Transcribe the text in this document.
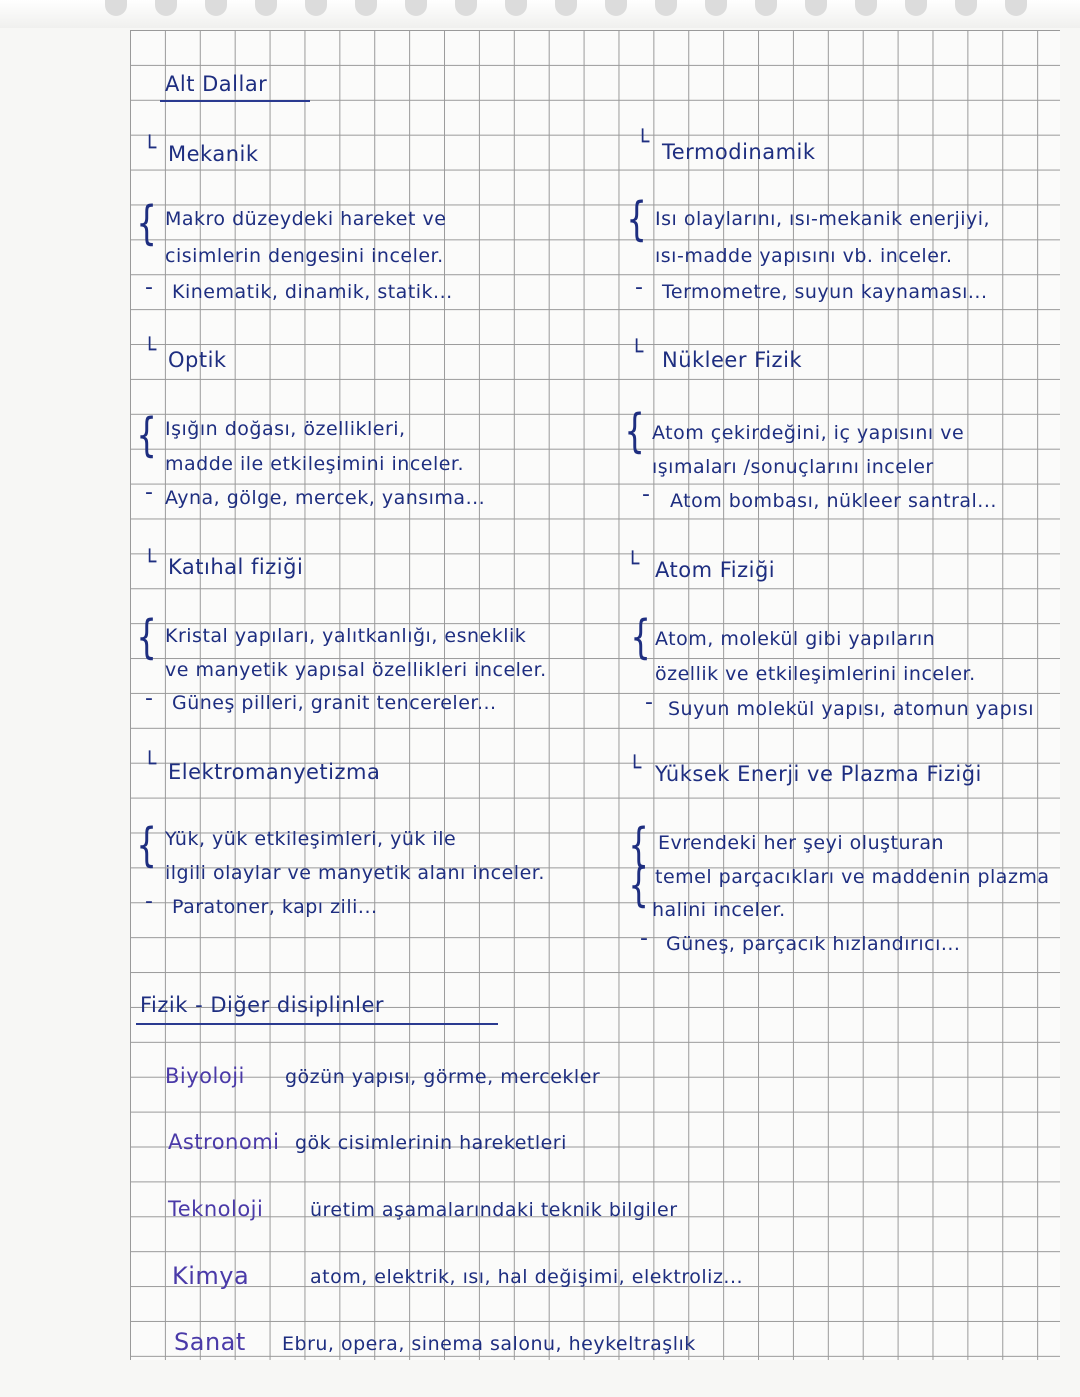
Alt Dallar
└ Mekanik
{ Makro düzeydeki hareket ve
cisimlerin dengesini inceler.
- Kinematik, dinamik, statik...
└ Termodinamik
{ Isı olaylarını, ısı-mekanik enerjiyi,
ısı-madde yapısını vb. inceler.
- Termometre, suyun kaynaması...
└ Optik
{ Işığın doğası, özellikleri,
madde ile etkileşimini inceler.
- Ayna, gölge, mercek, yansıma...
└ Nükleer Fizik
{ Atom çekirdeğini, iç yapısını ve
ışımaları /sonuçlarını inceler
- Atom bombası, nükleer santral...
└ Katıhal fiziği
{ Kristal yapıları, yalıtkanlığı, esneklik
ve manyetik yapısal özellikleri inceler.
- Güneş pilleri, granit tencereler...
└ Atom Fiziği
{ Atom, molekül gibi yapıların
özellik ve etkileşimlerini inceler.
- Suyun molekül yapısı, atomun yapısı
└ Elektromanyetizma
{ Yük, yük etkileşimleri, yük ile
ilgili olaylar ve manyetik alanı inceler.
- Paratoner, kapı zili...
└ Yüksek Enerji ve Plazma Fiziği
{
{
Evrendeki her şeyi oluşturan
temel parçacıkları ve maddenin plazma
halini inceler.
- Güneş, parçacık hızlandırıcı...
Fizik - Diğer disiplinler
Biyoloji gözün yapısı, görme, mercekler
Astronomi gök cisimlerinin hareketleri
Teknoloji üretim aşamalarındaki teknik bilgiler
Kimya	atom, elektrik, ısı, hal değişimi, elektroliz...
Sanat Ebru, opera, sinema salonu, heykeltraşlık
